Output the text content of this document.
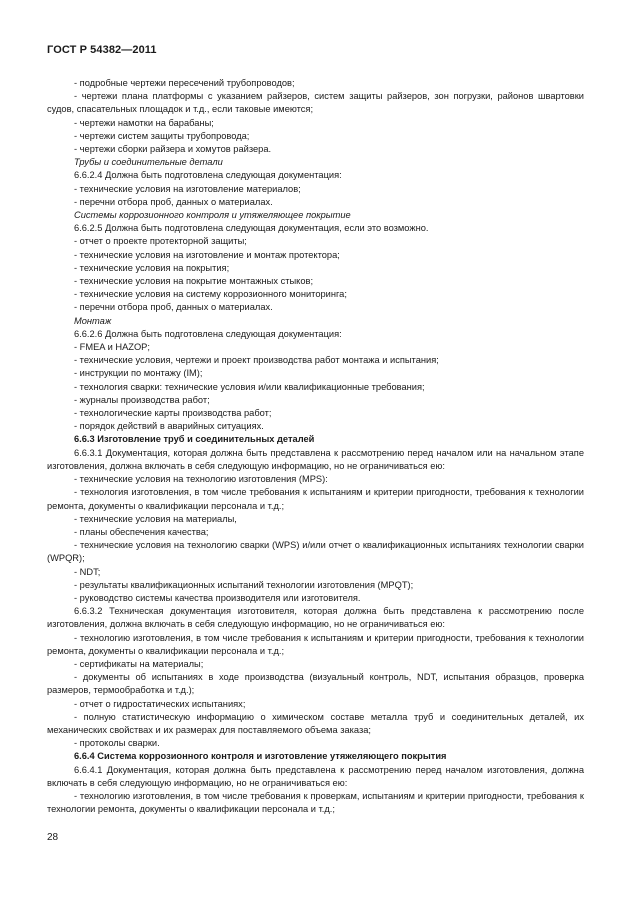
ГОСТ Р 54382—2011

- подробные чертежи пересечений трубопроводов;

- чертежи плана платформы с указанием райзеров, систем защиты райзеров, зон погрузки, районов швартовки судов, спасательных площадок и т.д., если таковые имеются;

- чертежи намотки на барабаны;

- чертежи систем защиты трубопровода;

- чертежи сборки райзера и хомутов райзера.

Трубы и соединительные детали

6.6.2.4 Должна быть подготовлена следующая документация:

- технические условия на изготовление материалов;

- перечни отбора проб, данных о материалах.

Системы коррозионного контроля и утяжеляющее покрытие

6.6.2.5 Должна быть подготовлена следующая документация, если это возможно.

- отчет о проекте протекторной защиты;

- технические условия на изготовление и монтаж протектора;

- технические условия на покрытия;

- технические условия на покрытие монтажных стыков;

- технические условия на систему коррозионного мониторинга;

- перечни отбора проб, данных о материалах.

Монтаж

6.6.2.6 Должна быть подготовлена следующая документация:

- FMEA и HAZOP;

- технические условия, чертежи и проект производства работ монтажа и испытания;

- инструкции по монтажу (IM);

- технология сварки: технические условия и/или квалификационные требования;

- журналы производства работ;

- технологические карты производства работ;

- порядок действий в аварийных ситуациях.

6.6.3 Изготовление труб и соединительных деталей

6.6.3.1 Документация, которая должна быть представлена к рассмотрению перед началом или на начальном этапе изготовления, должна включать в себя следующую информацию, но не ограничиваться ею:

- технические условия на технологию изготовления (MPS):

- технология изготовления, в том числе требования к испытаниям и критерии пригодности, требования к технологии ремонта, документы о квалификации персонала и т.д.;

- технические условия на материалы,

- планы обеспечения качества;

- технические условия на технологию сварки (WPS) и/или отчет о квалификационных испытаниях технологии сварки (WPQR);

- NDT;

- результаты квалификационных испытаний технологии изготовления (MPQT);

- руководство системы качества производителя или изготовителя.

6.6.3.2 Техническая документация изготовителя, которая должна быть представлена к рассмотрению после изготовления, должна включать в себя следующую информацию, но не ограничиваться ею:

- технологию изготовления, в том числе требования к испытаниям и критерии пригодности, требования к технологии ремонта, документы о квалификации персонала и т.д.;

- сертификаты на материалы;

- документы об испытаниях в ходе производства (визуальный контроль, NDT, испытания образцов, проверка размеров, термообработка и т.д.);

- отчет о гидростатических испытаниях;

- полную статистическую информацию о химическом составе металла труб и соединительных деталей, их механических свойствах и их размерах для поставляемого объема заказа;

- протоколы сварки.

6.6.4 Система коррозионного контроля и изготовление утяжеляющего покрытия

6.6.4.1 Документация, которая должна быть представлена к рассмотрению перед началом изготовления, должна включать в себя следующую информацию, но не ограничиваться ею:

- технологию изготовления, в том числе требования к проверкам, испытаниям и критерии пригодности, требования к технологии ремонта, документы о квалификации персонала и т.д.;

28
